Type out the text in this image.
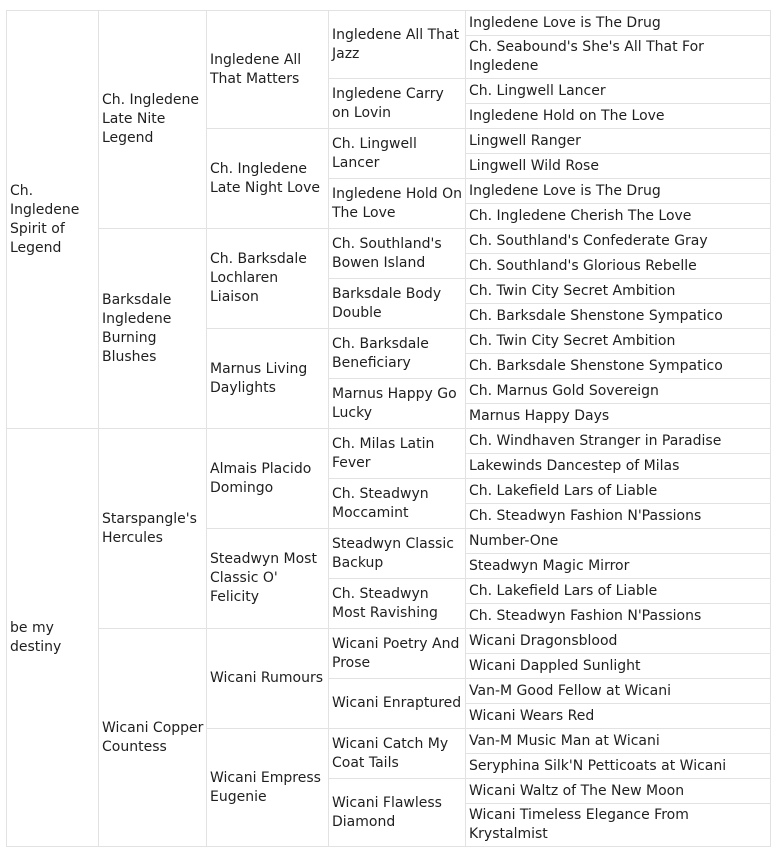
Ch. Ingledene Spirit of Legend	Ch. Ingledene Late Nite Legend	Ingledene All That Matters	Ingledene All That Jazz	Ingledene Love is The Drug
				Ch. Seabound's She's All That For Ingledene
			Ingledene Carry on Lovin	Ch. Lingwell Lancer
				Ingledene Hold on The Love
		Ch. Ingledene Late Night Love	Ch. Lingwell Lancer	Lingwell Ranger
				Lingwell Wild Rose
			Ingledene Hold On The Love	Ingledene Love is The Drug
				Ch. Ingledene Cherish The Love
	Barksdale Ingledene Burning Blushes	Ch. Barksdale Lochlaren Liaison	Ch. Southland's Bowen Island	Ch. Southland's Confederate Gray
				Ch. Southland's Glorious Rebelle
			Barksdale Body Double	Ch. Twin City Secret Ambition
				Ch. Barksdale Shenstone Sympatico
		Marnus Living Daylights	Ch. Barksdale Beneficiary	Ch. Twin City Secret Ambition
				Ch. Barksdale Shenstone Sympatico
			Marnus Happy Go Lucky	Ch. Marnus Gold Sovereign
				Marnus Happy Days
be my destiny	Starspangle's Hercules	Almais Placido Domingo	Ch. Milas Latin Fever	Ch. Windhaven Stranger in Paradise
				Lakewinds Dancestep of Milas
			Ch. Steadwyn Moccamint	Ch. Lakefield Lars of Liable
				Ch. Steadwyn Fashion N'Passions
		Steadwyn Most Classic O' Felicity	Steadwyn Classic Backup	Number-One
				Steadwyn Magic Mirror
			Ch. Steadwyn Most Ravishing	Ch. Lakefield Lars of Liable
				Ch. Steadwyn Fashion N'Passions
	Wicani Copper Countess	Wicani Rumours	Wicani Poetry And Prose	Wicani Dragonsblood
				Wicani Dappled Sunlight
			Wicani Enraptured	Van-M Good Fellow at Wicani
				Wicani Wears Red
		Wicani Empress Eugenie	Wicani Catch My Coat Tails	Van-M Music Man at Wicani
				Seryphina Silk'N Petticoats at Wicani
			Wicani Flawless Diamond	Wicani Waltz of The New Moon
				Wicani Timeless Elegance From Krystalmist
